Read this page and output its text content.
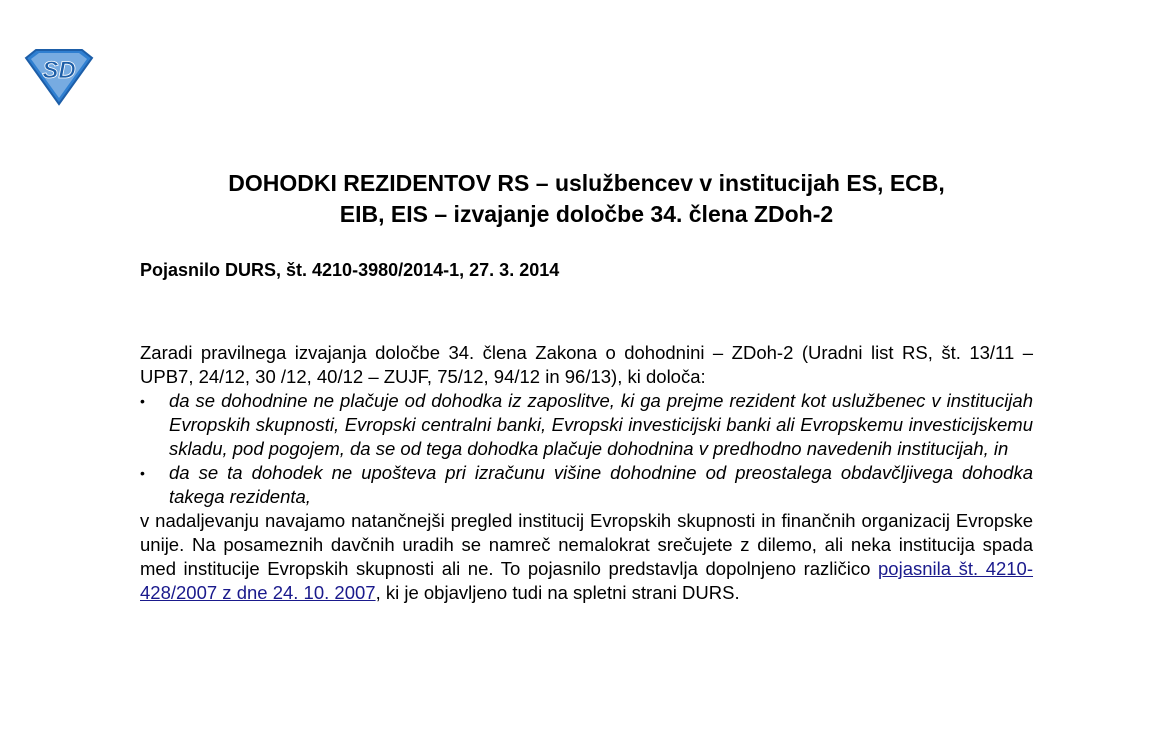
SD
DOHODKI REZIDENTOV RS – uslužbencev v institucijah ES, ECB,
EIB, EIS – izvajanje določbe 34. člena ZDoh-2
Pojasnilo DURS, št. 4210-3980/2014-1, 27. 3. 2014

Zaradi pravilnega izvajanja določbe 34. člena Zakona o dohodnini – ZDoh-2 (Uradni list RS, št. 13/11 – UPB7, 24/12, 30 /12, 40/12 – ZUJF, 75/12, 94/12 in 96/13), ki določa:

• da se dohodnine ne plačuje od dohodka iz zaposlitve, ki ga prejme rezident kot uslužbenec v institucijah Evropskih skupnosti, Evropski centralni banki, Evropski investicijski banki ali Evropskemu investicijskemu skladu, pod pogojem, da se od tega dohodka plačuje dohodnina v predhodno navedenih institucijah, in
• da se ta dohodek ne upošteva pri izračunu višine dohodnine od preostalega obdavčljivega dohodka takega rezidenta,

v nadaljevanju navajamo natančnejši pregled institucij Evropskih skupnosti in finančnih organizacij Evropske unije. Na posameznih davčnih uradih se namreč nemalokrat srečujete z dilemo, ali neka institucija spada med institucije Evropskih skupnosti ali ne. To pojasnilo predstavlja dopolnjeno različico pojasnila št. 4210-428/2007 z dne 24. 10. 2007, ki je objavljeno tudi na spletni strani DURS.
